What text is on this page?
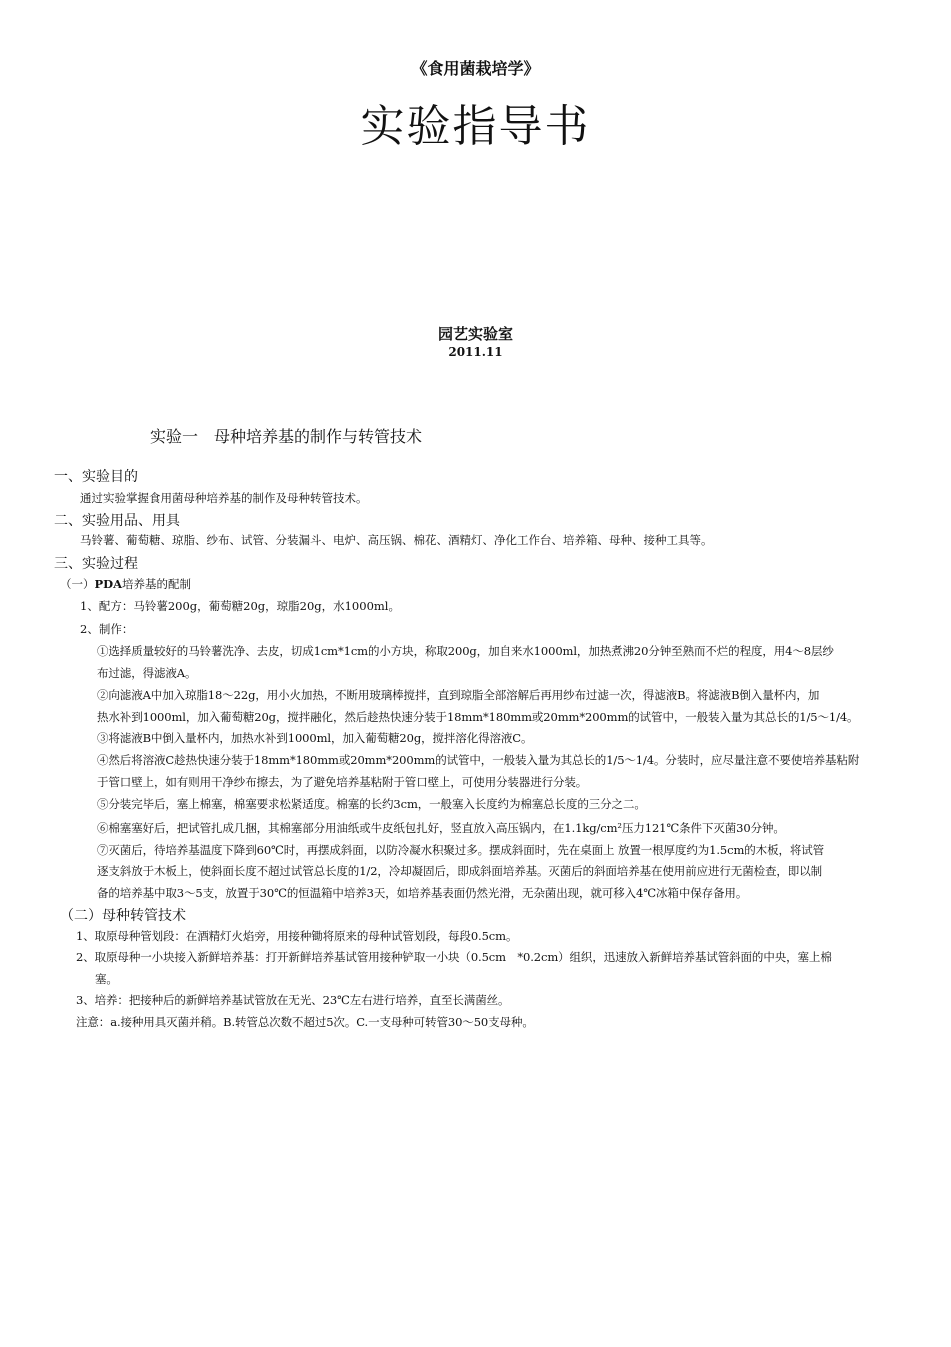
《食用菌栽培学》
实验指导书
园艺实验室
2011.11
实验一　母种培养基的制作与转管技术
一、实验目的
通过实验掌握食用菌母种培养基的制作及母种转管技术。
二、实验用品、用具
马铃薯、葡萄糖、琼脂、纱布、试管、分装漏斗、电炉、高压锅、棉花、酒精灯、净化工作台、培养箱、母种、接种工具等。
三、实验过程
（一）PDA培养基的配制
1、配方：马铃薯200g，葡萄糖20g，琼脂20g，水1000ml。
2、制作：
①选择质量较好的马铃薯洗净、去皮，切成1cm*1cm的小方块，称取200g，加自来水1000ml，加热煮沸20分钟至熟而不烂的程度，用4～8层纱
布过滤，得滤液A。
②向滤液A中加入琼脂18～22g，用小火加热，不断用玻璃棒搅拌，直到琼脂全部溶解后再用纱布过滤一次，得滤液B。将滤液B倒入量杯内，加
热水补到1000ml，加入葡萄糖20g，搅拌融化，然后趁热快速分装于18mm*180mm或20mm*200mm的试管中，一般装入量为其总长的1/5～1/4。
③将滤液B中倒入量杯内，加热水补到1000ml，加入葡萄糖20g，搅拌溶化得溶液C。
④然后将溶液C趁热快速分装于18mm*180mm或20mm*200mm的试管中，一般装入量为其总长的1/5～1/4。分装时，应尽量注意不要使培养基粘附
于管口壁上，如有则用干净纱布擦去，为了避免培养基粘附于管口壁上，可使用分装器进行分装。
⑤分装完毕后，塞上棉塞，棉塞要求松紧适度。棉塞的长约3cm，一般塞入长度约为棉塞总长度的三分之二。
⑥棉塞塞好后，把试管扎成几捆，其棉塞部分用油纸或牛皮纸包扎好，竖直放入高压锅内，在1.1kg/cm²压力121℃条件下灭菌30分钟。
⑦灭菌后，待培养基温度下降到60℃时，再摆成斜面，以防冷凝水积聚过多。摆成斜面时，先在桌面上 放置一根厚度约为1.5cm的木板，将试管
逐支斜放于木板上，使斜面长度不超过试管总长度的1/2，冷却凝固后，即成斜面培养基。灭菌后的斜面培养基在使用前应进行无菌检查，即以制
备的培养基中取3～5支，放置于30℃的恒温箱中培养3天，如培养基表面仍然光滑，无杂菌出现，就可移入4℃冰箱中保存备用。
（二）母种转管技术
1、取原母种管划段：在酒精灯火焰旁，用接种锄将原来的母种试管划段，每段0.5cm。
2、取原母种一小块接入新鲜培养基：打开新鲜培养基试管用接种铲取一小块（0.5cm　*0.2cm）组织，迅速放入新鲜培养基试管斜面的中央，塞上棉
塞。
3、培养：把接种后的新鲜培养基试管放在无光、23℃左右进行培养，直至长满菌丝。
注意：a.接种用具灭菌并稍。B.转管总次数不超过5次。C.一支母种可转管30～50支母种。
